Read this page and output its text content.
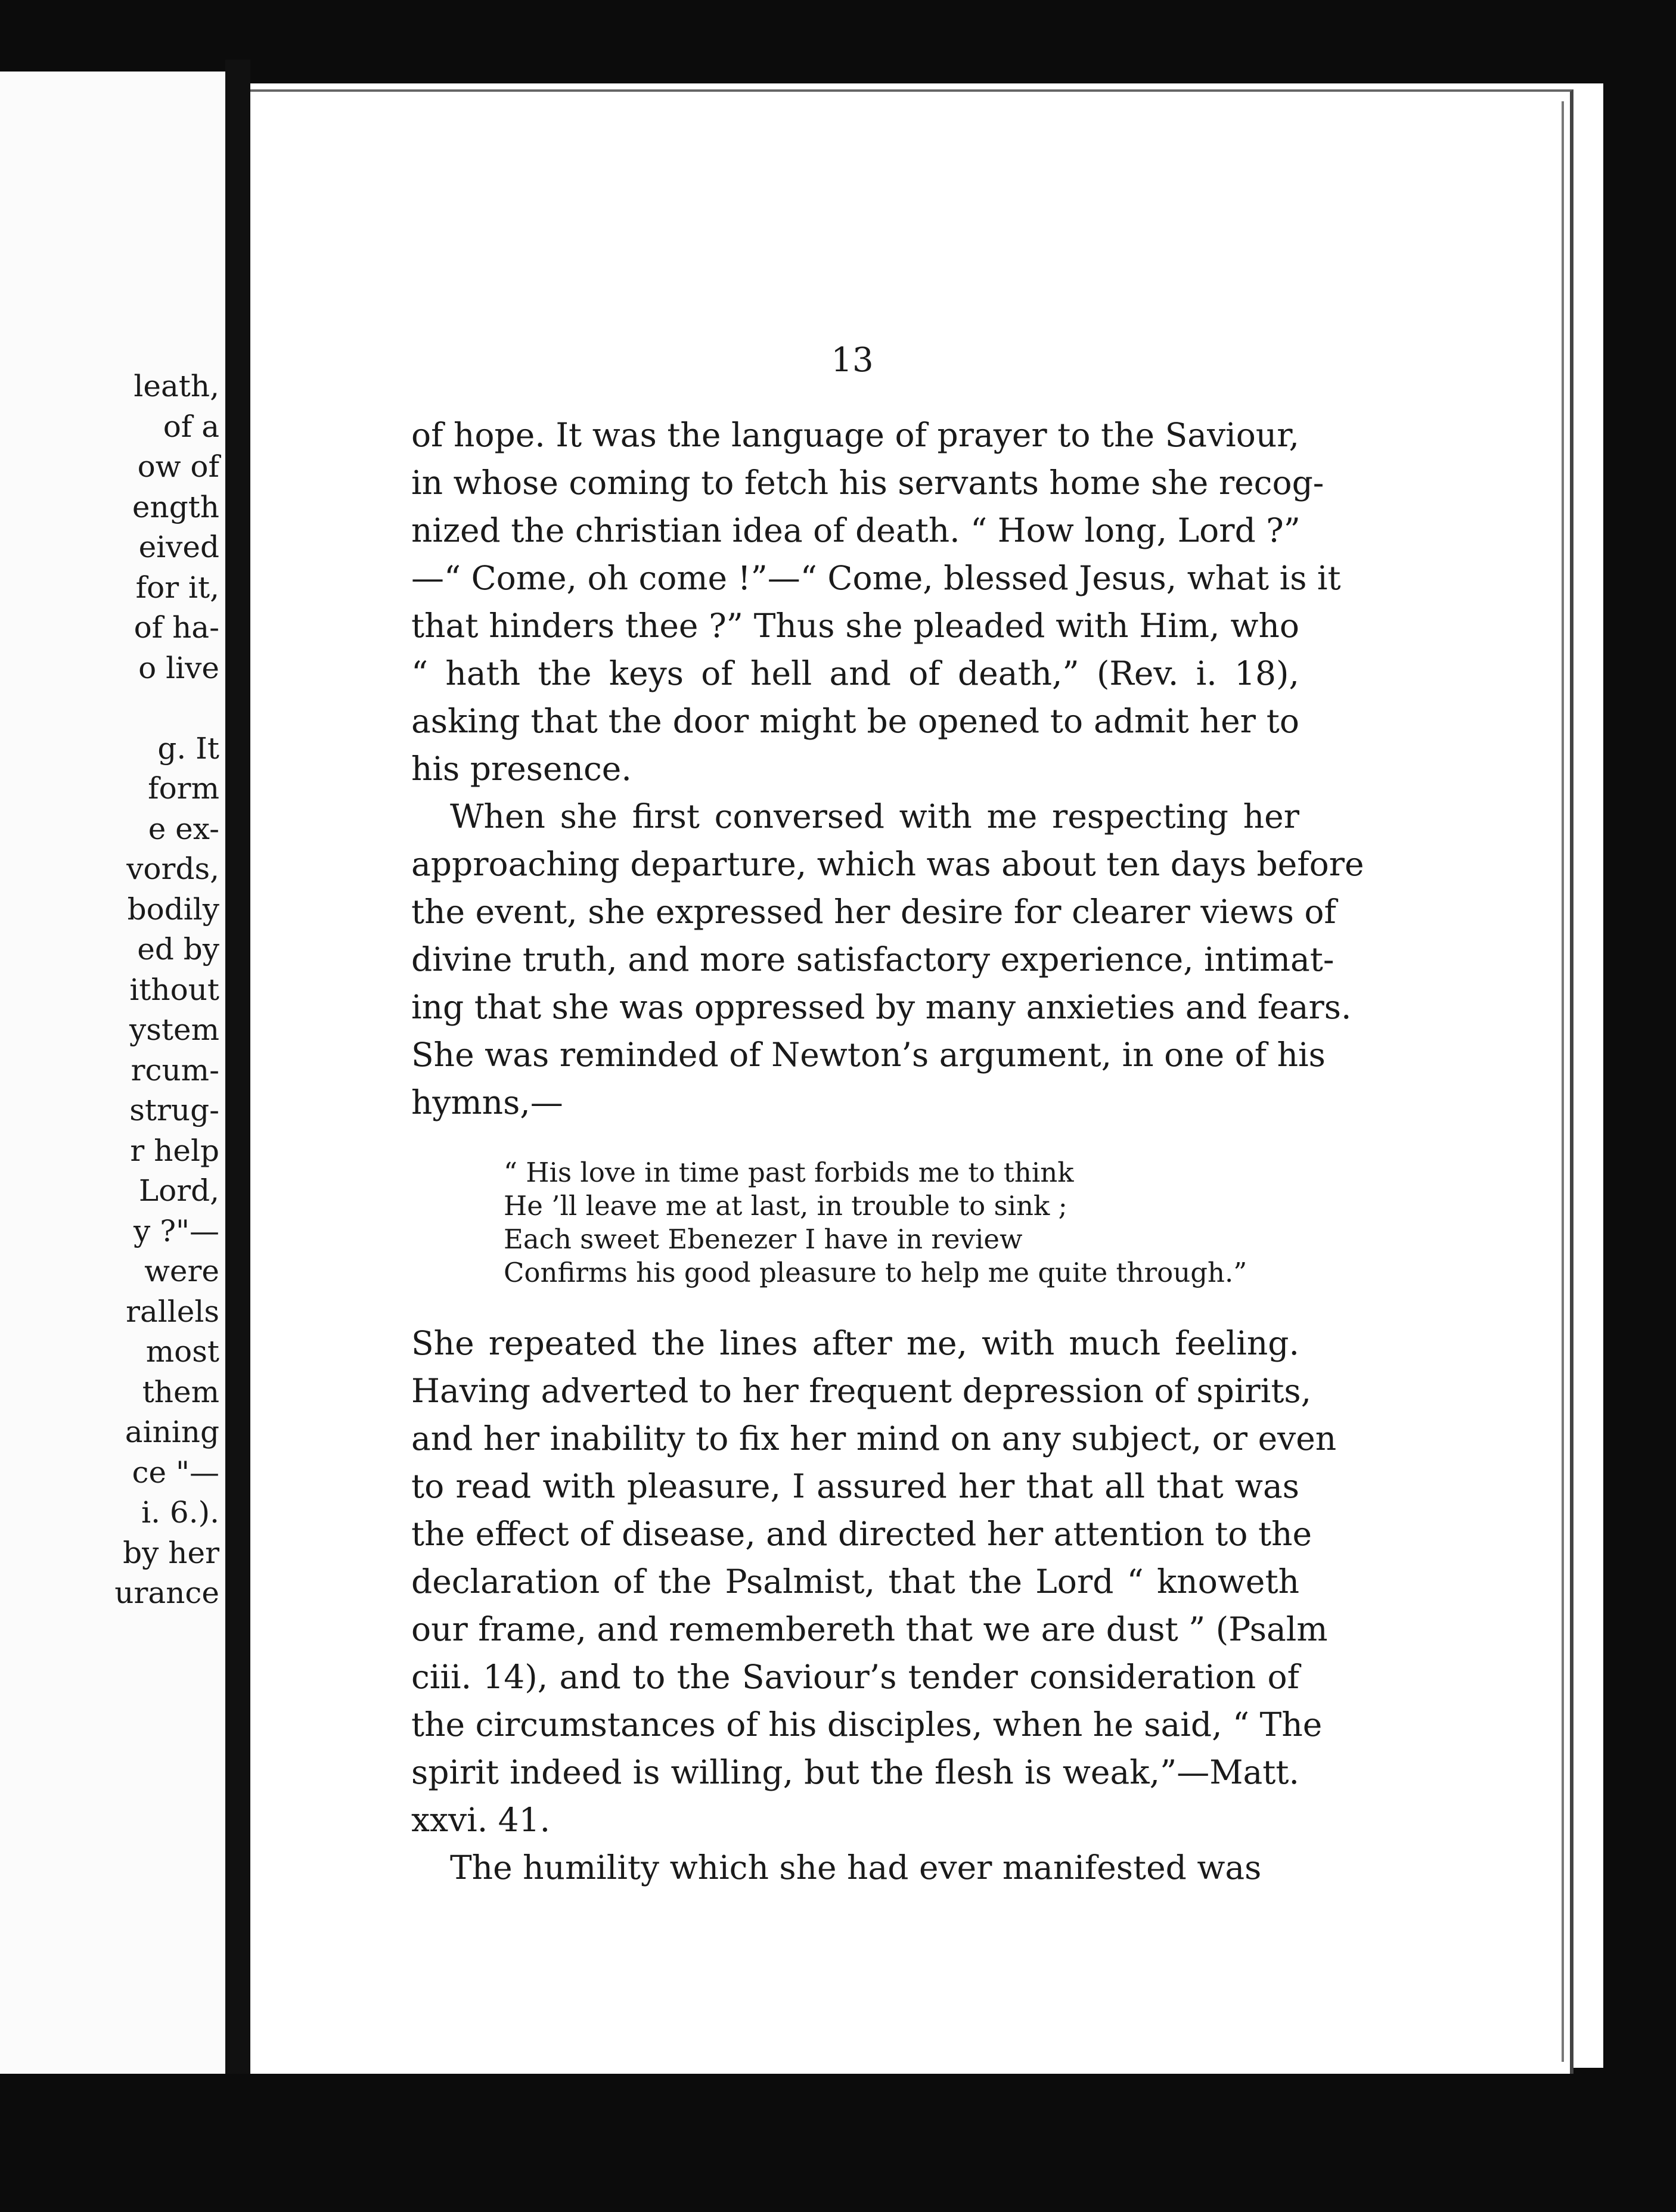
leath,
of a
ow of
ength
eived
for it,
of ha-
o live
g. It
form
e ex-
vords,
bodily
ed by
ithout
ystem
rcum-
strug-
r help
Lord,
y ?"—
were
rallels
most
them
aining
ce "—
i. 6.).
by her
urance
13
of hope. It was the language of prayer to the Saviour,
in whose coming to fetch his servants home she recog-
nized the christian idea of death. “ How long, Lord ?”
—“ Come, oh come !”—“ Come, blessed Jesus, what is it
that hinders thee ?” Thus she pleaded with Him, who
“ hath the keys of hell and of death,” (Rev. i. 18),
asking that the door might be opened to admit her to
his presence.
When she first conversed with me respecting her
approaching departure, which was about ten days before
the event, she expressed her desire for clearer views of
divine truth, and more satisfactory experience, intimat-
ing that she was oppressed by many anxieties and fears.
She was reminded of Newton’s argument, in one of his
hymns,—
“ His love in time past forbids me to think
He ’ll leave me at last, in trouble to sink ;
Each sweet Ebenezer I have in review
Confirms his good pleasure to help me quite through.”
She repeated the lines after me, with much feeling.
Having adverted to her frequent depression of spirits,
and her inability to fix her mind on any subject, or even
to read with pleasure, I assured her that all that was
the effect of disease, and directed her attention to the
declaration of the Psalmist, that the Lord “ knoweth
our frame, and remembereth that we are dust ” (Psalm
ciii. 14), and to the Saviour’s tender consideration of
the circumstances of his disciples, when he said, “ The
spirit indeed is willing, but the flesh is weak,”—Matt.
xxvi. 41.
The humility which she had ever manifested was
